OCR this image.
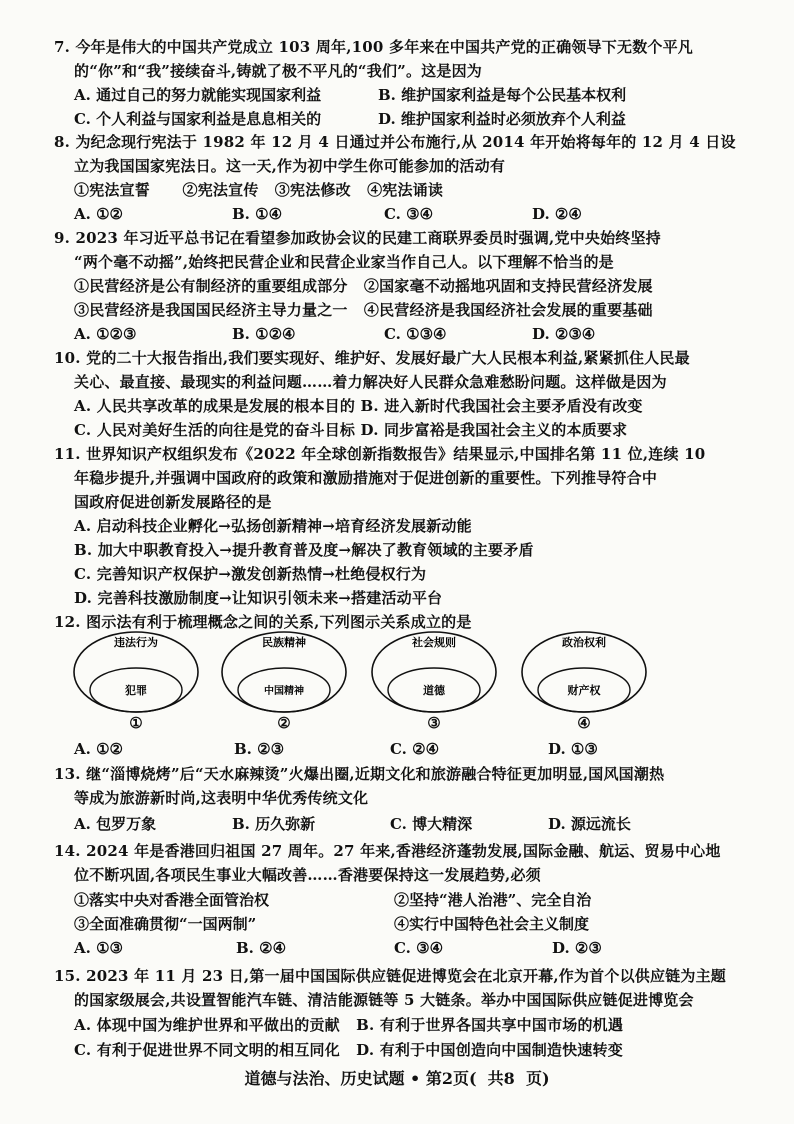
7. 今年是伟大的中国共产党成立 103 周年,100 多年来在中国共产党的正确领导下无数个平凡
的“你”和“我”接续奋斗,铸就了极不平凡的“我们”。这是因为
A. 通过自己的努力就能实现国家利益	B. 维护国家利益是每个公民基本权利
C. 个人利益与国家利益是息息相关的	D. 维护国家利益时必须放弃个人利益
8. 为纪念现行宪法于 1982 年 12 月 4 日通过并公布施行,从 2014 年开始将每年的 12 月 4 日设
立为我国国家宪法日。这一天,作为初中学生你可能参加的活动有
①宪法宣誓      ②宪法宣传   ③宪法修改   ④宪法诵读
A. ①②	B. ①④	C. ③④	D. ②④
9. 2023 年习近平总书记在看望参加政协会议的民建工商联界委员时强调,党中央始终坚持
“两个毫不动摇”,始终把民营企业和民营企业家当作自己人。以下理解不恰当的是
①民营经济是公有制经济的重要组成部分   ②国家毫不动摇地巩固和支持民营经济发展
③民营经济是我国国民经济主导力量之一   ④民营经济是我国经济社会发展的重要基础
A. ①②③	B. ①②④	C. ①③④	D. ②③④
10. 党的二十大报告指出,我们要实现好、维护好、发展好最广大人民根本利益,紧紧抓住人民最
关心、最直接、最现实的利益问题……着力解决好人民群众急难愁盼问题。这样做是因为
A. 人民共享改革的成果是发展的根本目的 B. 进入新时代我国社会主要矛盾没有改变
C. 人民对美好生活的向往是党的奋斗目标 D. 同步富裕是我国社会主义的本质要求
11. 世界知识产权组织发布《2022 年全球创新指数报告》结果显示,中国排名第 11 位,连续 10
年稳步提升,并强调中国政府的政策和激励措施对于促进创新的重要性。下列推导符合中
国政府促进创新发展路径的是
A. 启动科技企业孵化→弘扬创新精神→培育经济发展新动能
B. 加大中职教育投入→提升教育普及度→解决了教育领域的主要矛盾
C. 完善知识产权保护→激发创新热情→杜绝侵权行为
D. 完善科技激励制度→让知识引领未来→搭建活动平台
12. 图示法有利于梳理概念之间的关系,下列图示关系成立的是
违法行为
犯罪
民族精神
中国精神
社会规则
道德
政治权利
财产权
①	②	③	④
A. ①②	B. ②③	C. ②④	D. ①③
13. 继“淄博烧烤”后“天水麻辣烫”火爆出圈,近期文化和旅游融合特征更加明显,国风国潮热
等成为旅游新时尚,这表明中华优秀传统文化
A. 包罗万象	B. 历久弥新	C. 博大精深	D. 源远流长
14. 2024 年是香港回归祖国 27 周年。27 年来,香港经济蓬勃发展,国际金融、航运、贸易中心地
位不断巩固,各项民生事业大幅改善……香港要保持这一发展趋势,必须
①落实中央对香港全面管治权	②坚持“港人治港”、完全自治
③全面准确贯彻“一国两制”	④实行中国特色社会主义制度
A. ①③	B. ②④	C. ③④	D. ②③
15. 2023 年 11 月 23 日,第一届中国国际供应链促进博览会在北京开幕,作为首个以供应链为主题
的国家级展会,共设置智能汽车链、清洁能源链等 5 大链条。举办中国国际供应链促进博览会
A. 体现中国为维护世界和平做出的贡献   B. 有利于世界各国共享中国市场的机遇
C. 有利于促进世界不同文明的相互同化   D. 有利于中国创造向中国制造快速转变
道德与法治、历史试题 • 第2页(  共8  页)
